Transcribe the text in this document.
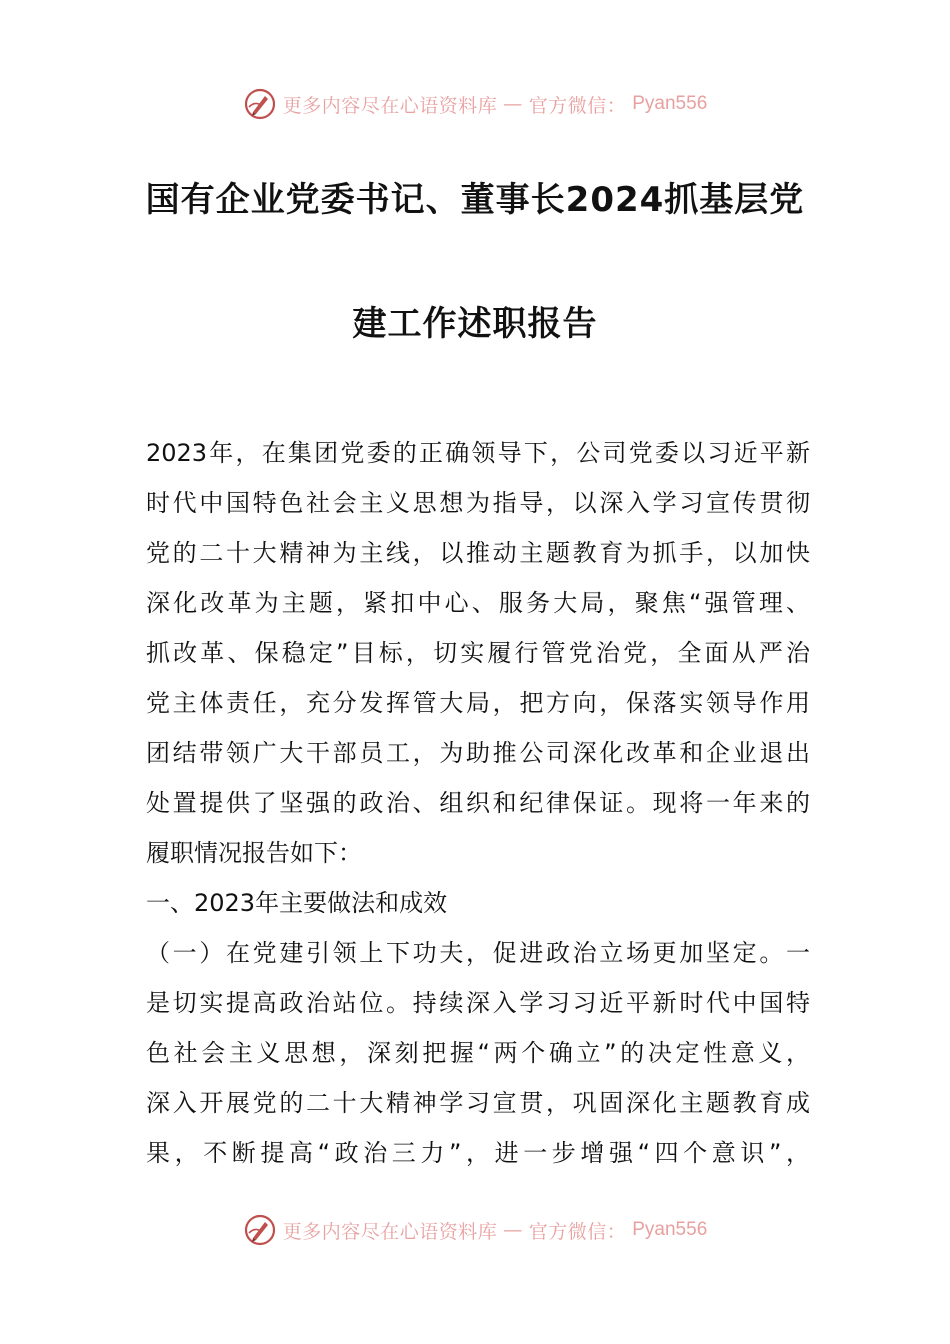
更多内容尽在心语资料库 — 官方微信： Pyan556
国有企业党委书记、董事长2024抓基层党
建工作述职报告
2023年，在集团党委的正确领导下，公司党委以习近平新
时代中国特色社会主义思想为指导，以深入学习宣传贯彻
党的二十大精神为主线，以推动主题教育为抓手，以加快
深化改革为主题，紧扣中心、服务大局，聚焦“强管理、
抓改革、保稳定”目标，切实履行管党治党，全面从严治
党主体责任，充分发挥管大局，把方向，保落实领导作用
团结带领广大干部员工，为助推公司深化改革和企业退出
处置提供了坚强的政治、组织和纪律保证。现将一年来的
履职情况报告如下：
一、2023年主要做法和成效
（一）在党建引领上下功夫，促进政治立场更加坚定。一
是切实提高政治站位。持续深入学习习近平新时代中国特
色社会主义思想，深刻把握“两个确立”的决定性意义，
深入开展党的二十大精神学习宣贯，巩固深化主题教育成
果，不断提高“政治三力”，进一步增强“四个意识”，
更多内容尽在心语资料库 — 官方微信： Pyan556
